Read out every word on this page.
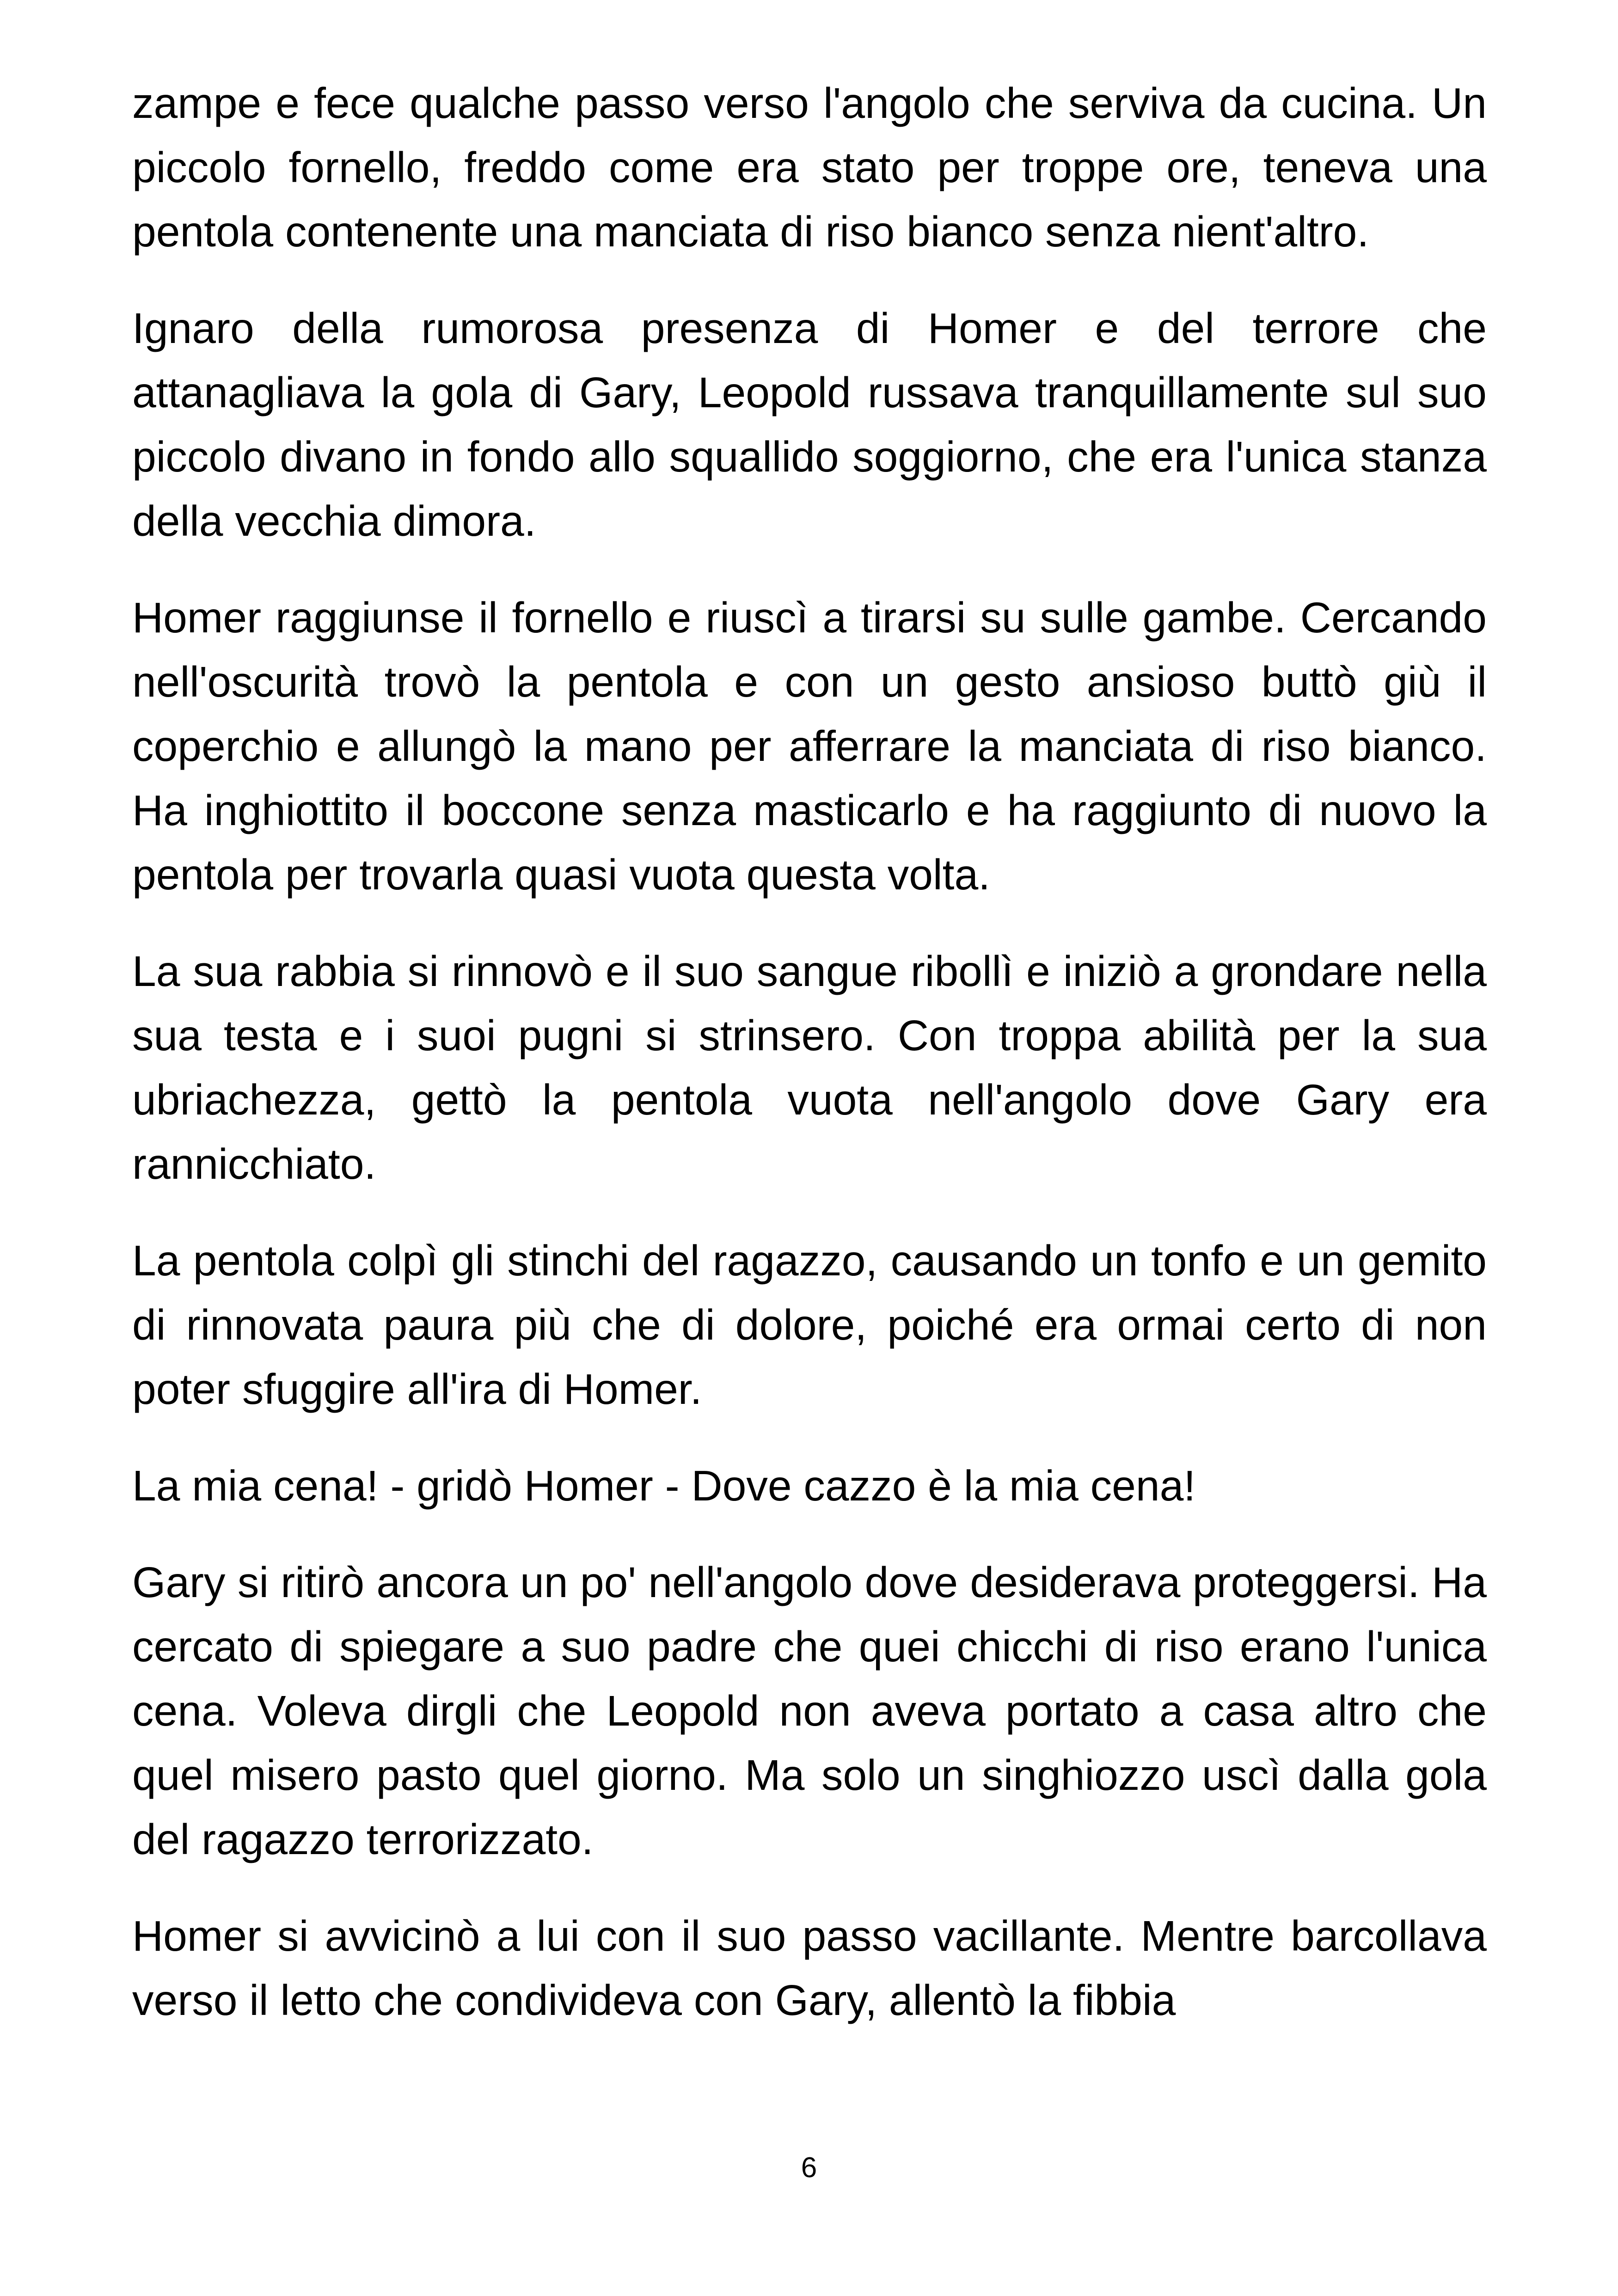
zampe e fece qualche passo verso l'angolo che serviva da cucina. Un piccolo fornello, freddo come era stato per troppe ore, teneva una pentola contenente una manciata di riso bianco senza nient'altro.

Ignaro della rumorosa presenza di Homer e del terrore che attanagliava la gola di Gary, Leopold russava tranquillamente sul suo piccolo divano in fondo allo squallido soggiorno, che era l'unica stanza della vecchia dimora.

Homer raggiunse il fornello e riuscì a tirarsi su sulle gambe. Cercando nell'oscurità trovò la pentola e con un gesto ansioso buttò giù il coperchio e allungò la mano per afferrare la manciata di riso bianco. Ha inghiottito il boccone senza masticarlo e ha raggiunto di nuovo la pentola per trovarla quasi vuota questa volta.

La sua rabbia si rinnovò e il suo sangue ribollì e iniziò a grondare nella sua testa e i suoi pugni si strinsero. Con troppa abilità per la sua ubriachezza, gettò la pentola vuota nell'angolo dove Gary era rannicchiato.

La pentola colpì gli stinchi del ragazzo, causando un tonfo e un gemito di rinnovata paura più che di dolore, poiché era ormai certo di non poter sfuggire all'ira di Homer.

La mia cena! - gridò Homer - Dove cazzo è la mia cena!

Gary si ritirò ancora un po' nell'angolo dove desiderava proteggersi. Ha cercato di spiegare a suo padre che quei chicchi di riso erano l'unica cena. Voleva dirgli che Leopold non aveva portato a casa altro che quel misero pasto quel giorno. Ma solo un singhiozzo uscì dalla gola del ragazzo terrorizzato.

Homer si avvicinò a lui con il suo passo vacillante. Mentre barcollava verso il letto che condivideva con Gary, allentò la fibbia

6
